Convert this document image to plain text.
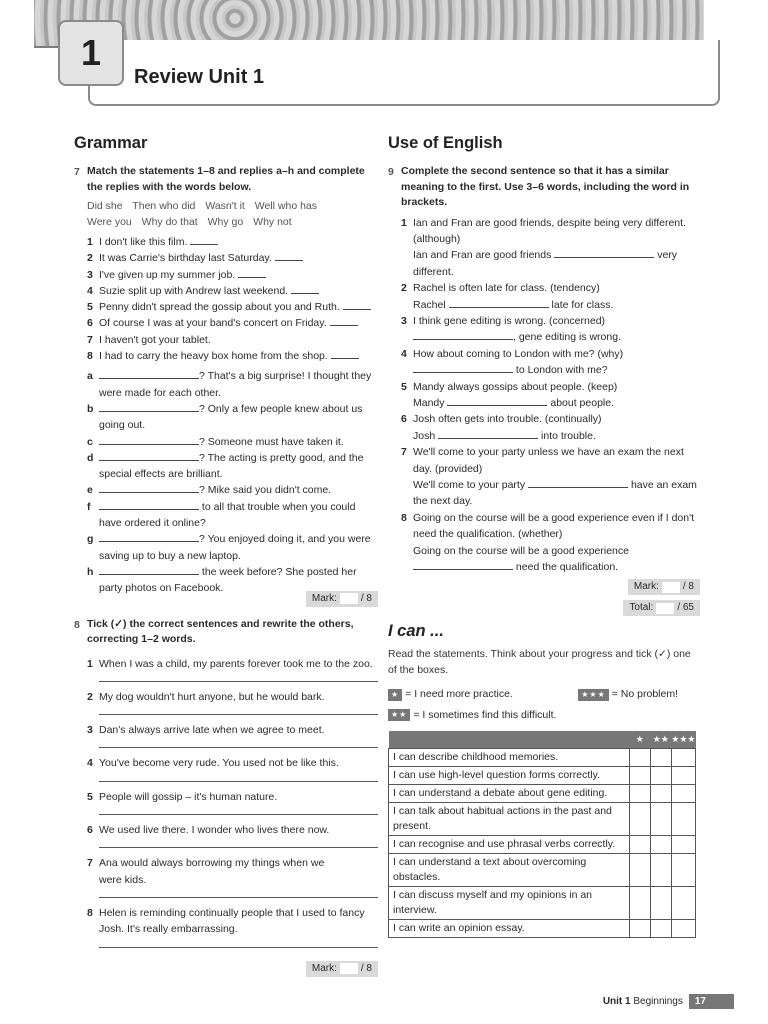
1
Review Unit 1
Grammar
7 Match the statements 1–8 and replies a–h and complete the replies with the words below.
Did she Then who did Wasn't it Well who has
Were you Why do that Why go Why not
1 I don't like this film.
2 It was Carrie's birthday last Saturday.
3 I've given up my summer job.
4 Suzie split up with Andrew last weekend.
5 Penny didn't spread the gossip about you and Ruth.
6 Of course I was at your band's concert on Friday.
7 I haven't got your tablet.
8 I had to carry the heavy box home from the shop.
a	? That's a big surprise! I thought they were made for each other.
b	? Only a few people knew about us going out.
c	? Someone must have taken it.
d	? The acting is pretty good, and the special effects are brilliant.
e	? Mike said you didn't come.
f	to all that trouble when you could have ordered it online?
g	? You enjoyed doing it, and you were saving up to buy a new laptop.
h	the week before? She posted her party photos on Facebook.
Mark: / 8
8 Tick (✓) the correct sentences and rewrite the others, correcting 1–2 words.
1 When I was a child, my parents forever took me to the zoo.
2 My dog wouldn't hurt anyone, but he would bark.
3 Dan's always arrive late when we agree to meet.
4 You've become very rude. You used not be like this.
5 People will gossip – it's human nature.
6 We used live there. I wonder who lives there now.
7 Ana would always borrowing my things when we were kids.
8 Helen is reminding continually people that I used to fancy Josh. It's really embarrassing.
Mark: / 8
Use of English
9 Complete the second sentence so that it has a similar meaning to the first. Use 3–6 words, including the word in brackets.
1 Ian and Fran are good friends, despite being very different. (although)
Ian and Fran are good friends	very different.
2 Rachel is often late for class. (tendency)
Rachel	late for class.
3 I think gene editing is wrong. (concerned)
, gene editing is wrong.
4 How about coming to London with me? (why)
to London with me?
5 Mandy always gossips about people. (keep)
Mandy	about people.
6 Josh often gets into trouble. (continually)
Josh	into trouble.
7 We'll come to your party unless we have an exam the next day. (provided)
We'll come to your party	have an exam the next day.
8 Going on the course will be a good experience even if I don't need the qualification. (whether)
Going on the course will be a good experience
need the qualification.
Mark: / 8
Total: / 65
I can ...
Read the statements. Think about your progress and tick (✓) one of the boxes.
★ = I need more practice.	★★★ = No problem!
★★ = I sometimes find this difficult.
	★	★★	★★★
I can describe childhood memories.			
I can use high-level question forms correctly.			
I can understand a debate about gene editing.			
I can talk about habitual actions in the past and present.			
I can recognise and use phrasal verbs correctly.			
I can understand a text about overcoming obstacles.			
I can discuss myself and my opinions in an interview.			
I can write an opinion essay.			
Unit 1 Beginnings	17
